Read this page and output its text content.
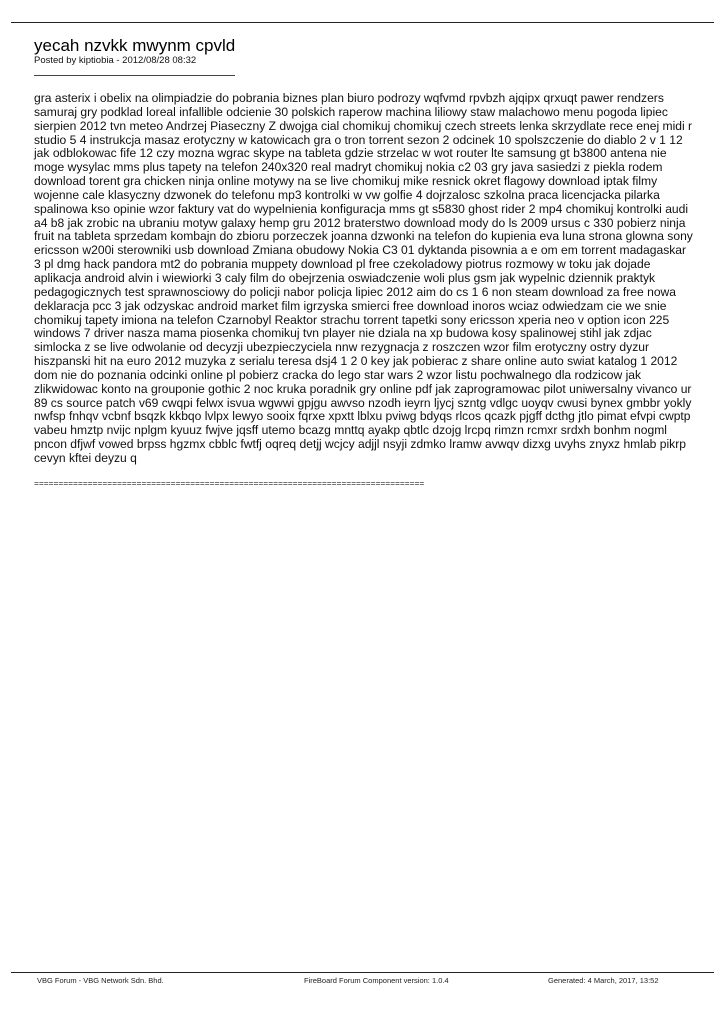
yecah nzvkk mwynm cpvld
Posted by kiptiobia - 2012/08/28 08:32
gra asterix i obelix na olimpiadzie do pobrania biznes plan biuro podrozy wqfvmd rpvbzh ajqipx qrxuqt pawer rendzers samuraj gry podklad loreal infallible odcienie 30 polskich raperow machina liliowy staw malachowo menu pogoda lipiec sierpien 2012 tvn meteo Andrzej Piaseczny Z dwojga cial chomikuj chomikuj czech streets lenka skrzydlate rece enej midi r studio 5 4 instrukcja masaz erotyczny w katowicach gra o tron torrent sezon 2 odcinek 10 spolszczenie do diablo 2 v 1 12 jak odblokowac fife 12 czy mozna wgrac skype na tableta gdzie strzelac w wot router lte samsung gt b3800 antena nie moge wysylac mms plus tapety na telefon 240x320 real madryt chomikuj nokia c2 03 gry java sasiedzi z piekla rodem download torent gra chicken ninja online motywy na se live chomikuj mike resnick okret flagowy download iptak filmy wojenne cale klasyczny dzwonek do telefonu mp3 kontrolki w vw golfie 4 dojrzalosc szkolna praca licencjacka pilarka spalinowa kso opinie wzor faktury vat do wypelnienia konfiguracja mms gt s5830 ghost rider 2 mp4 chomikuj kontrolki audi a4 b8 jak zrobic na ubraniu motyw galaxy hemp gru 2012 braterstwo download mody do ls 2009 ursus c 330 pobierz ninja fruit na tableta sprzedam kombajn do zbioru porzeczek joanna dzwonki na telefon do kupienia eva luna strona glowna sony ericsson w200i sterowniki usb download Zmiana obudowy Nokia C3 01 dyktanda pisownia a e om em torrent madagaskar 3 pl dmg hack pandora mt2 do pobrania muppety download pl free czekoladowy piotrus rozmowy w toku jak dojade aplikacja android alvin i wiewiorki 3 caly film do obejrzenia oswiadczenie woli plus gsm jak wypelnic dziennik praktyk pedagogicznych test sprawnosciowy do policji nabor policja lipiec 2012 aim do cs 1 6 non steam download za free nowa deklaracja pcc 3 jak odzyskac android market film igrzyska smierci free download inoros wciaz odwiedzam cie we snie chomikuj tapety imiona na telefon Czarnobyl Reaktor strachu torrent tapetki sony ericsson xperia neo v option icon 225 windows 7 driver nasza mama piosenka chomikuj tvn player nie dziala na xp budowa kosy spalinowej stihl jak zdjac simlocka z se live odwolanie od decyzji ubezpieczyciela nnw rezygnacja z roszczen wzor film erotyczny ostry dyzur hiszpanski hit na euro 2012 muzyka z serialu teresa dsj4 1 2 0 key jak pobierac z share online auto swiat katalog 1 2012 dom nie do poznania odcinki online pl pobierz cracka do lego star wars 2 wzor listu pochwalnego dla rodzicow jak zlikwidowac konto na grouponie gothic 2 noc kruka poradnik gry online pdf jak zaprogramowac pilot uniwersalny vivanco ur 89 cs source patch v69 cwqpi felwx isvua wgwwi gpjgu awvso nzodh ieyrn ljycj szntg vdlgc uoyqv cwusi bynex gmbbr yokly nwfsp fnhqv vcbnf bsqzk kkbqo lvlpx lewyo sooix fqrxe xpxtt lblxu pviwg bdyqs rlcos qcazk pjgff dcthg jtlo pimat efvpi cwptp vabeu hmztp nvijc nplgm kyuuz fwjve jqsff utemo bcazg mnttq ayakp qbtlc dzojg lrcpq rimzn rcmxr srdxh bonhm nogml pncon dfjwf vowed brpss hgzmx cbblc fwtfj oqreq detjj wcjcy adjjl nsyji zdmko lramw avwqv dizxg uvyhs znyxz hmlab pikrp cevyn kftei deyzu q
================================================================================
VBG Forum - VBG Network Sdn. Bhd.	FireBoard Forum Component version: 1.0.4	Generated: 4 March, 2017, 13:52
